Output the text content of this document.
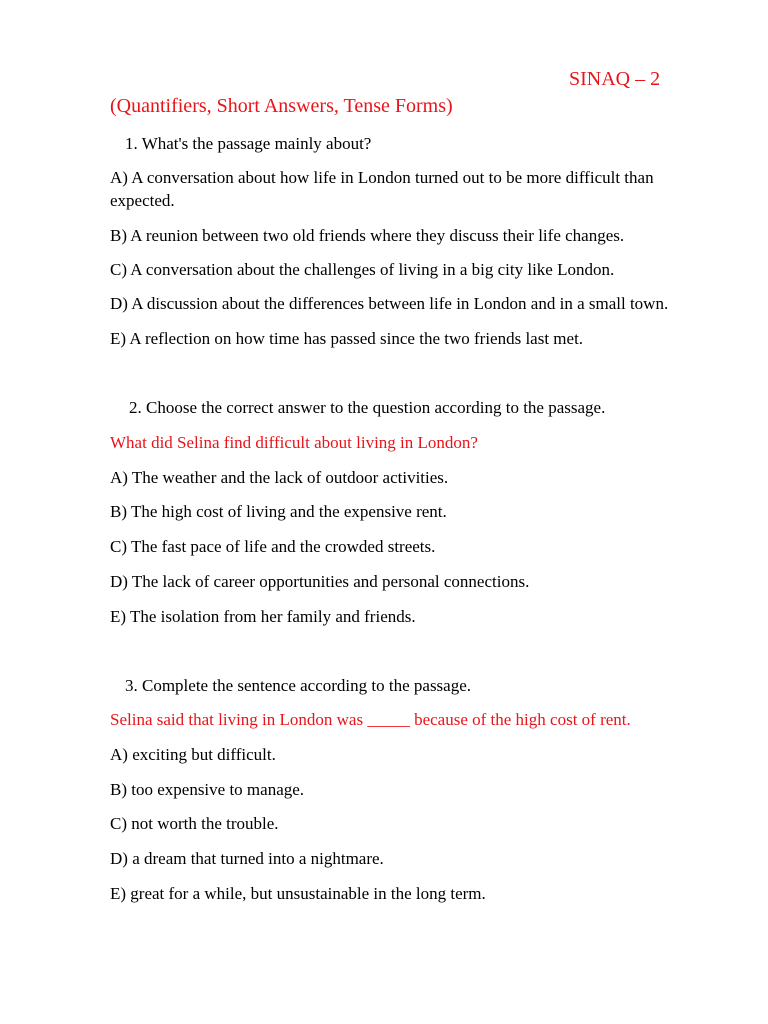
SINAQ – 2
(Quantifiers, Short Answers, Tense Forms)
1. What's the passage mainly about?
A) A conversation about how life in London turned out to be more difficult than expected.
B) A reunion between two old friends where they discuss their life changes.
C) A conversation about the challenges of living in a big city like London.
D) A discussion about the differences between life in London and in a small town.
E) A reflection on how time has passed since the two friends last met.
2. Choose the correct answer to the question according to the passage.
What did Selina find difficult about living in London?
A) The weather and the lack of outdoor activities.
B) The high cost of living and the expensive rent.
C) The fast pace of life and the crowded streets.
D) The lack of career opportunities and personal connections.
E) The isolation from her family and friends.
3. Complete the sentence according to the passage.
Selina said that living in London was _____ because of the high cost of rent.
A) exciting but difficult.
B) too expensive to manage.
C) not worth the trouble.
D) a dream that turned into a nightmare.
E) great for a while, but unsustainable in the long term.
